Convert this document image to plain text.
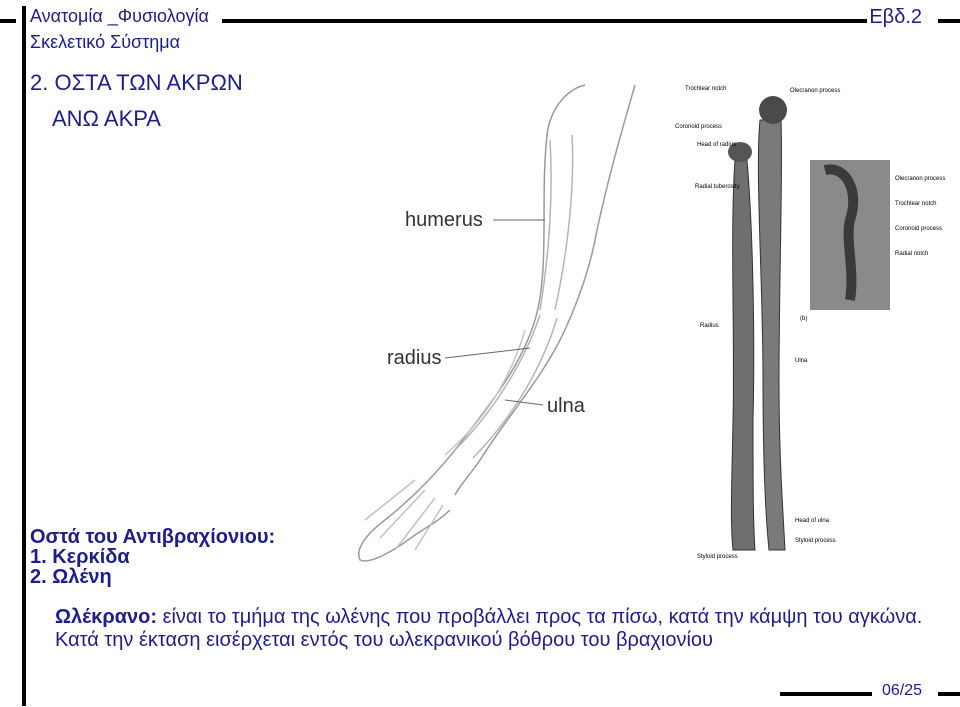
Ανατομία _Φυσιολογία
Σκελετικό Σύστημα
Εβδ.2
2. ΟΣΤΑ ΤΩΝ ΑΚΡΩΝ
ΑΝΩ ΑΚΡΑ
humerus
radius
ulna
Trochlear notch	Olecranon process
Coronoid process
Head of radius
Radial tuberosity
Radius
Ulna
Head of ulna
Styloid process
Styloid process
Olecranon process
Trochlear notch
Coronoid process
Radial notch
(b)
Οστά του Αντιβραχίονιου:
1. Κερκίδα
2. Ωλένη
Ωλέκρανο: είναι το τμήμα της ωλένης που προβάλλει προς τα πίσω, κατά την κάμψη του αγκώνα. Κατά την έκταση εισέρχεται εντός του ωλεκρανικού βόθρου του βραχιονίου
06/25
